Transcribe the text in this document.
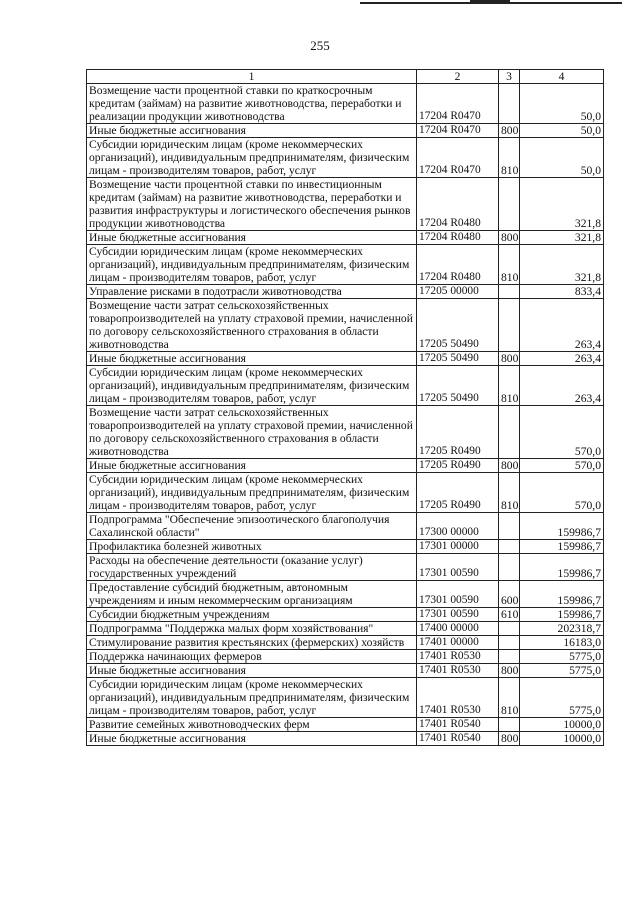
255
1	2	3	4
Возмещение части процентной ставки по краткосрочным кредитам (займам) на развитие животноводства, переработки и реализации продукции животноводства	17204 R0470		50,0
Иные бюджетные ассигнования	17204 R0470	800	50,0
Субсидии юридическим лицам (кроме некоммерческих организаций), индивидуальным предпринимателям, физическим лицам - производителям товаров, работ, услуг	17204 R0470	810	50,0
Возмещение части процентной ставки по инвестиционным кредитам (займам) на развитие животноводства, переработки и развития инфраструктуры и логистического обеспечения рынков продукции животноводства	17204 R0480		321,8
Иные бюджетные ассигнования	17204 R0480	800	321,8
Субсидии юридическим лицам (кроме некоммерческих организаций), индивидуальным предпринимателям, физическим лицам - производителям товаров, работ, услуг	17204 R0480	810	321,8
Управление рисками в подотрасли животноводства	17205 00000		833,4
Возмещение части затрат сельскохозяйственных товаропроизводителей на уплату страховой премии, начисленной по договору сельскохозяйственного страхования в области животноводства	17205 50490		263,4
Иные бюджетные ассигнования	17205 50490	800	263,4
Субсидии юридическим лицам (кроме некоммерческих организаций), индивидуальным предпринимателям, физическим лицам - производителям товаров, работ, услуг	17205 50490	810	263,4
Возмещение части затрат сельскохозяйственных товаропроизводителей на уплату страховой премии, начисленной по договору сельскохозяйственного страхования в области животноводства	17205 R0490		570,0
Иные бюджетные ассигнования	17205 R0490	800	570,0
Субсидии юридическим лицам (кроме некоммерческих организаций), индивидуальным предпринимателям, физическим лицам - производителям товаров, работ, услуг	17205 R0490	810	570,0
Подпрограмма "Обеспечение эпизоотического благополучия Сахалинской области"	17300 00000		159986,7
Профилактика болезней животных	17301 00000		159986,7
Расходы на обеспечение деятельности (оказание услуг) государственных учреждений	17301 00590		159986,7
Предоставление субсидий бюджетным, автономным учреждениям и иным некоммерческим организациям	17301 00590	600	159986,7
Субсидии бюджетным учреждениям	17301 00590	610	159986,7
Подпрограмма "Поддержка малых форм хозяйствования"	17400 00000		202318,7
Стимулирование развития крестьянских (фермерских) хозяйств	17401 00000		16183,0
Поддержка начинающих фермеров	17401 R0530		5775,0
Иные бюджетные ассигнования	17401 R0530	800	5775,0
Субсидии юридическим лицам (кроме некоммерческих организаций), индивидуальным предпринимателям, физическим лицам - производителям товаров, работ, услуг	17401 R0530	810	5775,0
Развитие семейных животноводческих ферм	17401 R0540		10000,0
Иные бюджетные ассигнования	17401 R0540	800	10000,0
